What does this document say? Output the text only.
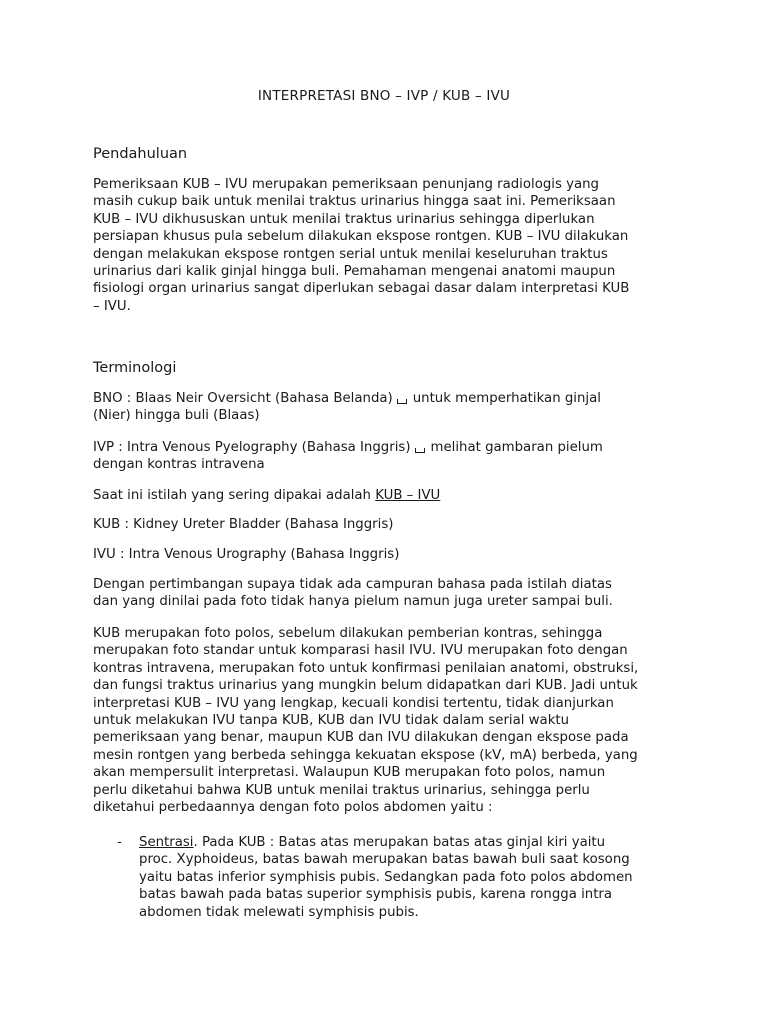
INTERPRETASI BNO – IVP / KUB – IVU
Pendahuluan
Pemeriksaan KUB – IVU merupakan pemeriksaan penunjang radiologis yang
masih cukup baik untuk menilai traktus urinarius hingga saat ini. Pemeriksaan
KUB – IVU dikhususkan untuk menilai traktus urinarius sehingga diperlukan
persiapan khusus pula sebelum dilakukan ekspose rontgen. KUB – IVU dilakukan
dengan melakukan ekspose rontgen serial untuk menilai keseluruhan traktus
urinarius dari kalik ginjal hingga buli. Pemahaman mengenai anatomi maupun
fisiologi organ urinarius sangat diperlukan sebagai dasar dalam interpretasi KUB
– IVU.
Terminologi
BNO : Blaas Neir Oversicht (Bahasa Belanda) untuk memperhatikan ginjal
(Nier) hingga buli (Blaas)
IVP : Intra Venous Pyelography (Bahasa Inggris) melihat gambaran pielum
dengan kontras intravena
Saat ini istilah yang sering dipakai adalah KUB – IVU
KUB : Kidney Ureter Bladder (Bahasa Inggris)
IVU : Intra Venous Urography (Bahasa Inggris)
Dengan pertimbangan supaya tidak ada campuran bahasa pada istilah diatas
dan yang dinilai pada foto tidak hanya pielum namun juga ureter sampai buli.
KUB merupakan foto polos, sebelum dilakukan pemberian kontras, sehingga
merupakan foto standar untuk komparasi hasil IVU. IVU merupakan foto dengan
kontras intravena, merupakan foto untuk konfirmasi penilaian anatomi, obstruksi,
dan fungsi traktus urinarius yang mungkin belum didapatkan dari KUB. Jadi untuk
interpretasi KUB – IVU yang lengkap, kecuali kondisi tertentu, tidak dianjurkan
untuk melakukan IVU tanpa KUB, KUB dan IVU tidak dalam serial waktu
pemeriksaan yang benar, maupun KUB dan IVU dilakukan dengan ekspose pada
mesin rontgen yang berbeda sehingga kekuatan ekspose (kV, mA) berbeda, yang
akan mempersulit interpretasi. Walaupun KUB merupakan foto polos, namun
perlu diketahui bahwa KUB untuk menilai traktus urinarius, sehingga perlu
diketahui perbedaannya dengan foto polos abdomen yaitu :
- Sentrasi. Pada KUB : Batas atas merupakan batas atas ginjal kiri yaitu
proc. Xyphoideus, batas bawah merupakan batas bawah buli saat kosong
yaitu batas inferior symphisis pubis. Sedangkan pada foto polos abdomen
batas bawah pada batas superior symphisis pubis, karena rongga intra
abdomen tidak melewati symphisis pubis.
